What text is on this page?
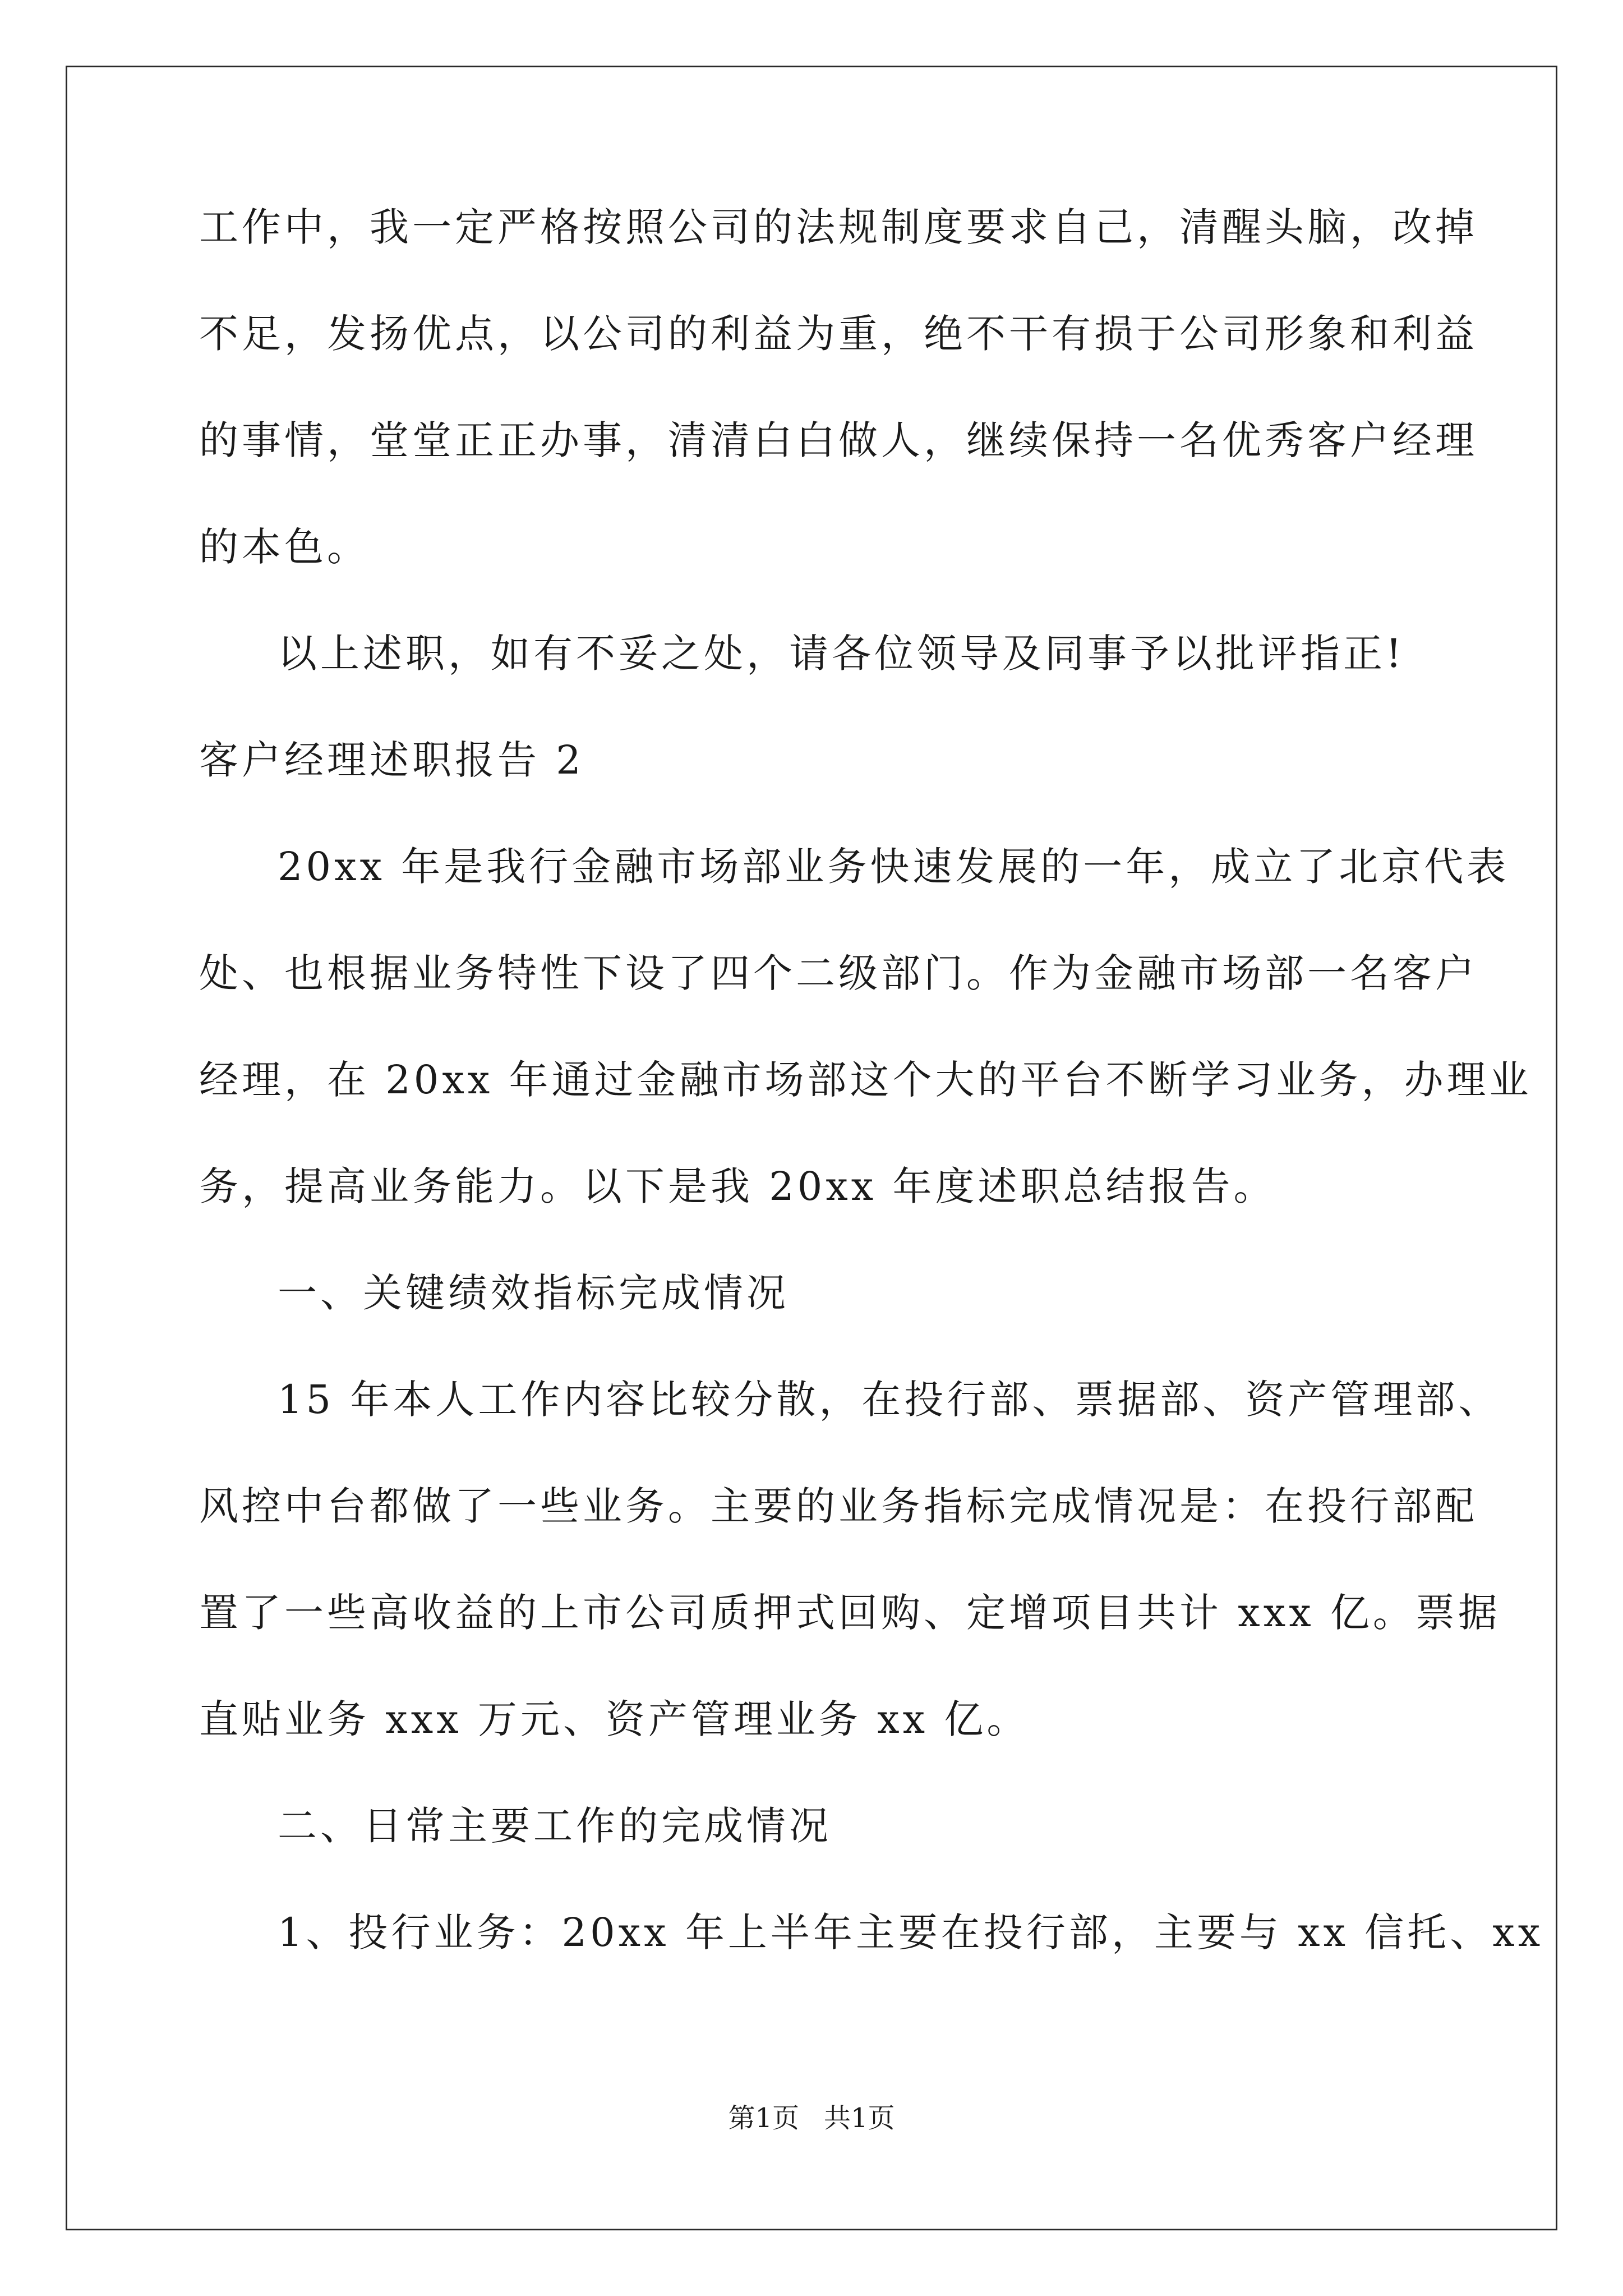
工作中，我一定严格按照公司的法规制度要求自己，清醒头脑，改掉
不足，发扬优点，以公司的利益为重，绝不干有损于公司形象和利益
的事情，堂堂正正办事，清清白白做人，继续保持一名优秀客户经理
的本色。
以上述职，如有不妥之处，请各位领导及同事予以批评指正!
客户经理述职报告 2
20xx 年是我行金融市场部业务快速发展的一年，成立了北京代表
处、也根据业务特性下设了四个二级部门。作为金融市场部一名客户
经理，在 20xx 年通过金融市场部这个大的平台不断学习业务，办理业
务，提高业务能力。以下是我 20xx 年度述职总结报告。
一、关键绩效指标完成情况
15 年本人工作内容比较分散，在投行部、票据部、资产管理部、
风控中台都做了一些业务。主要的业务指标完成情况是：在投行部配
置了一些高收益的上市公司质押式回购、定增项目共计 xxx 亿。票据
直贴业务 xxx 万元、资产管理业务 xx 亿。
二、日常主要工作的完成情况
1、投行业务：20xx 年上半年主要在投行部，主要与 xx 信托、xx
第1页 共1页
